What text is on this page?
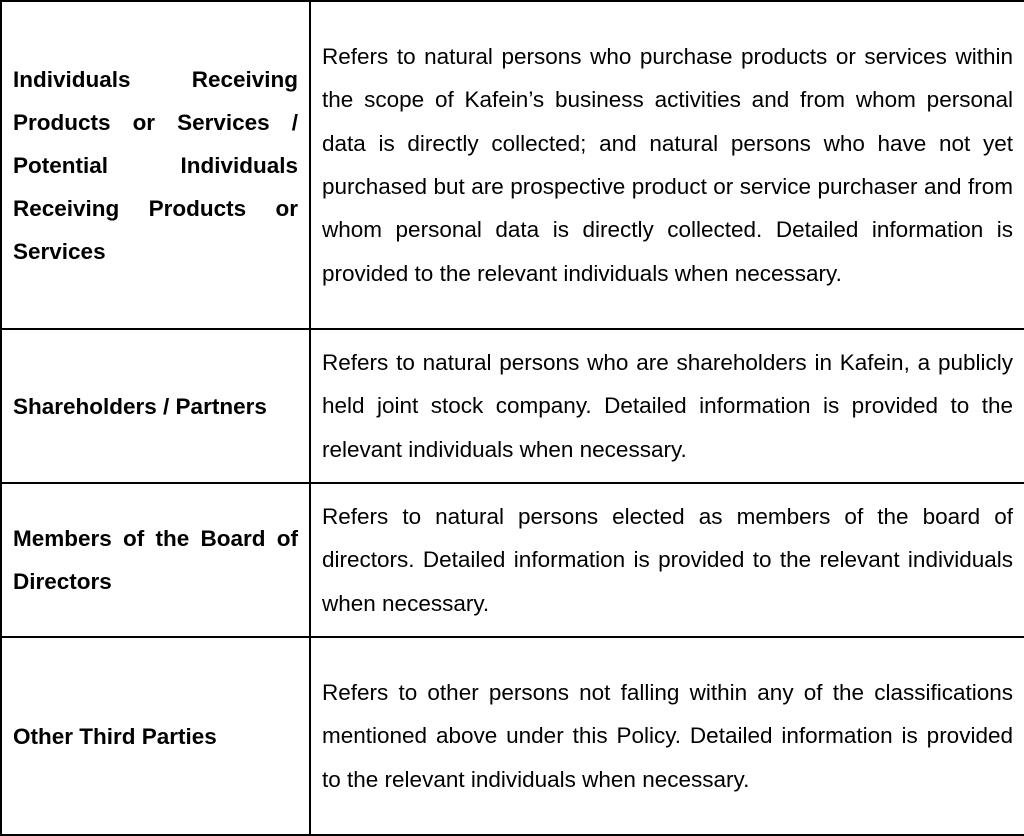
Individuals Receiving Products or Services / Potential Individuals Receiving Products or Services	Refers to natural persons who purchase products or services within the scope of Kafein’s business activities and from whom personal data is directly collected; and natural persons who have not yet purchased but are prospective product or service purchaser and from whom personal data is directly collected. Detailed information is provided to the relevant individuals when necessary.
Shareholders / Partners	Refers to natural persons who are shareholders in Kafein, a publicly held joint stock company. Detailed information is provided to the relevant individuals when necessary.
Members of the Board of Directors	Refers to natural persons elected as members of the board of directors. Detailed information is provided to the relevant individuals when necessary.
Other Third Parties	Refers to other persons not falling within any of the classifications mentioned above under this Policy. Detailed information is provided to the relevant individuals when necessary.
